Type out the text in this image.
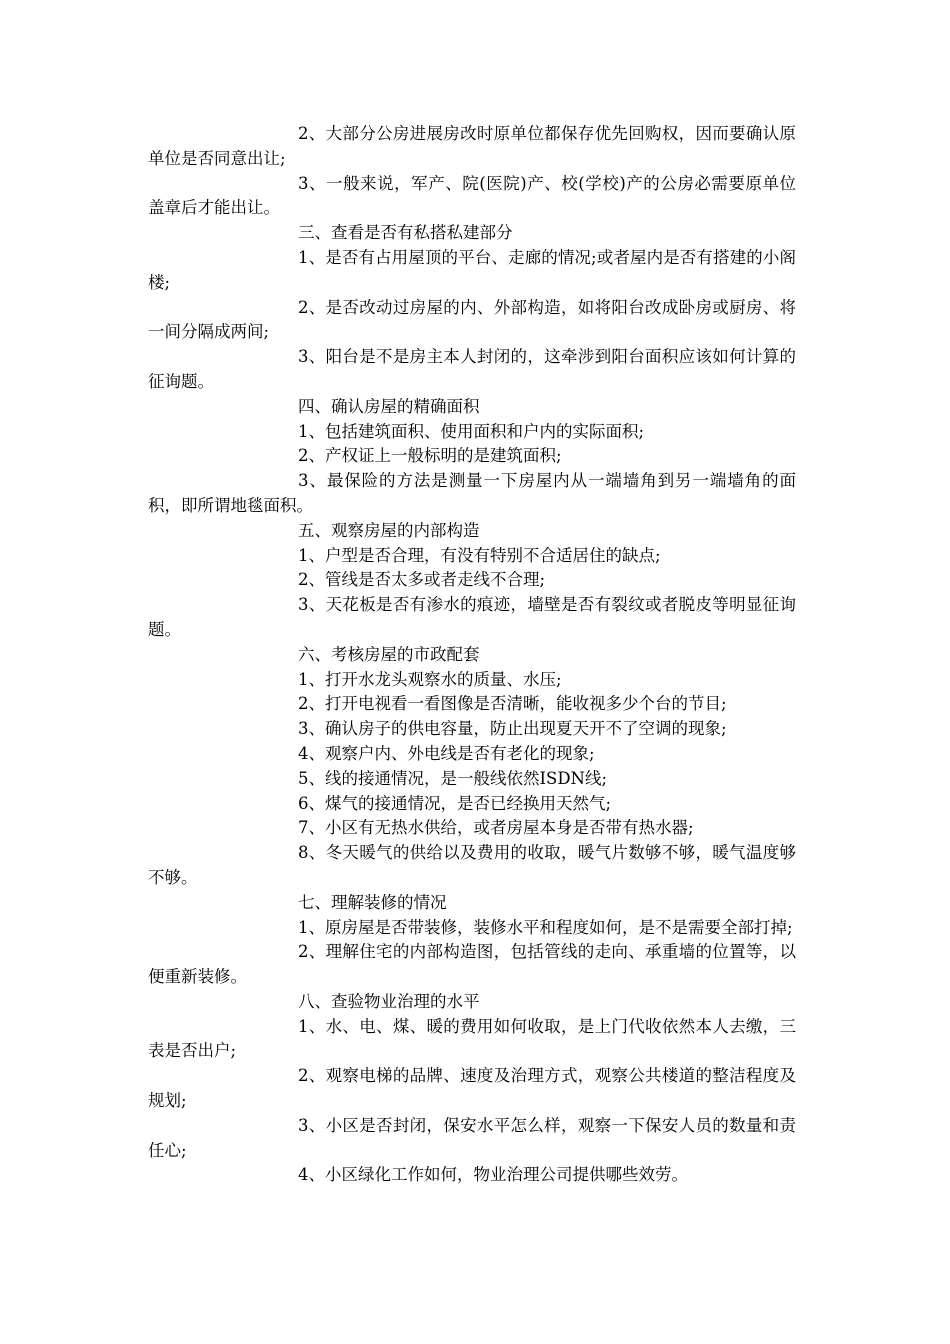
2、大部分公房进展房改时原单位都保存优先回购权，因而要确认原单位是否同意出让;

3、一般来说，军产、院(医院)产、校(学校)产的公房必需要原单位盖章后才能出让。

三、查看是否有私搭私建部分

1、是否有占用屋顶的平台、走廊的情况;或者屋内是否有搭建的小阁楼;

2、是否改动过房屋的内、外部构造，如将阳台改成卧房或厨房、将一间分隔成两间;

3、阳台是不是房主本人封闭的，这牵涉到阳台面积应该如何计算的征询题。

四、确认房屋的精确面积

1、包括建筑面积、使用面积和户内的实际面积;

2、产权证上一般标明的是建筑面积;

3、最保险的方法是测量一下房屋内从一端墙角到另一端墙角的面积，即所谓地毯面积。

五、观察房屋的内部构造

1、户型是否合理，有没有特别不合适居住的缺点;

2、管线是否太多或者走线不合理;

3、天花板是否有渗水的痕迹，墙壁是否有裂纹或者脱皮等明显征询题。

六、考核房屋的市政配套

1、打开水龙头观察水的质量、水压;

2、打开电视看一看图像是否清晰，能收视多少个台的节目;

3、确认房子的供电容量，防止出现夏天开不了空调的现象;

4、观察户内、外电线是否有老化的现象;

5、线的接通情况，是一般线依然ISDN线;

6、煤气的接通情况，是否已经换用天然气;

7、小区有无热水供给，或者房屋本身是否带有热水器;

8、冬天暖气的供给以及费用的收取，暖气片数够不够，暖气温度够不够。

七、理解装修的情况

1、原房屋是否带装修，装修水平和程度如何，是不是需要全部打掉;

2、理解住宅的内部构造图，包括管线的走向、承重墙的位置等，以便重新装修。

八、查验物业治理的水平

1、水、电、煤、暖的费用如何收取，是上门代收依然本人去缴，三表是否出户;

2、观察电梯的品牌、速度及治理方式，观察公共楼道的整洁程度及规划;

3、小区是否封闭，保安水平怎么样，观察一下保安人员的数量和责任心;

4、小区绿化工作如何，物业治理公司提供哪些效劳。
